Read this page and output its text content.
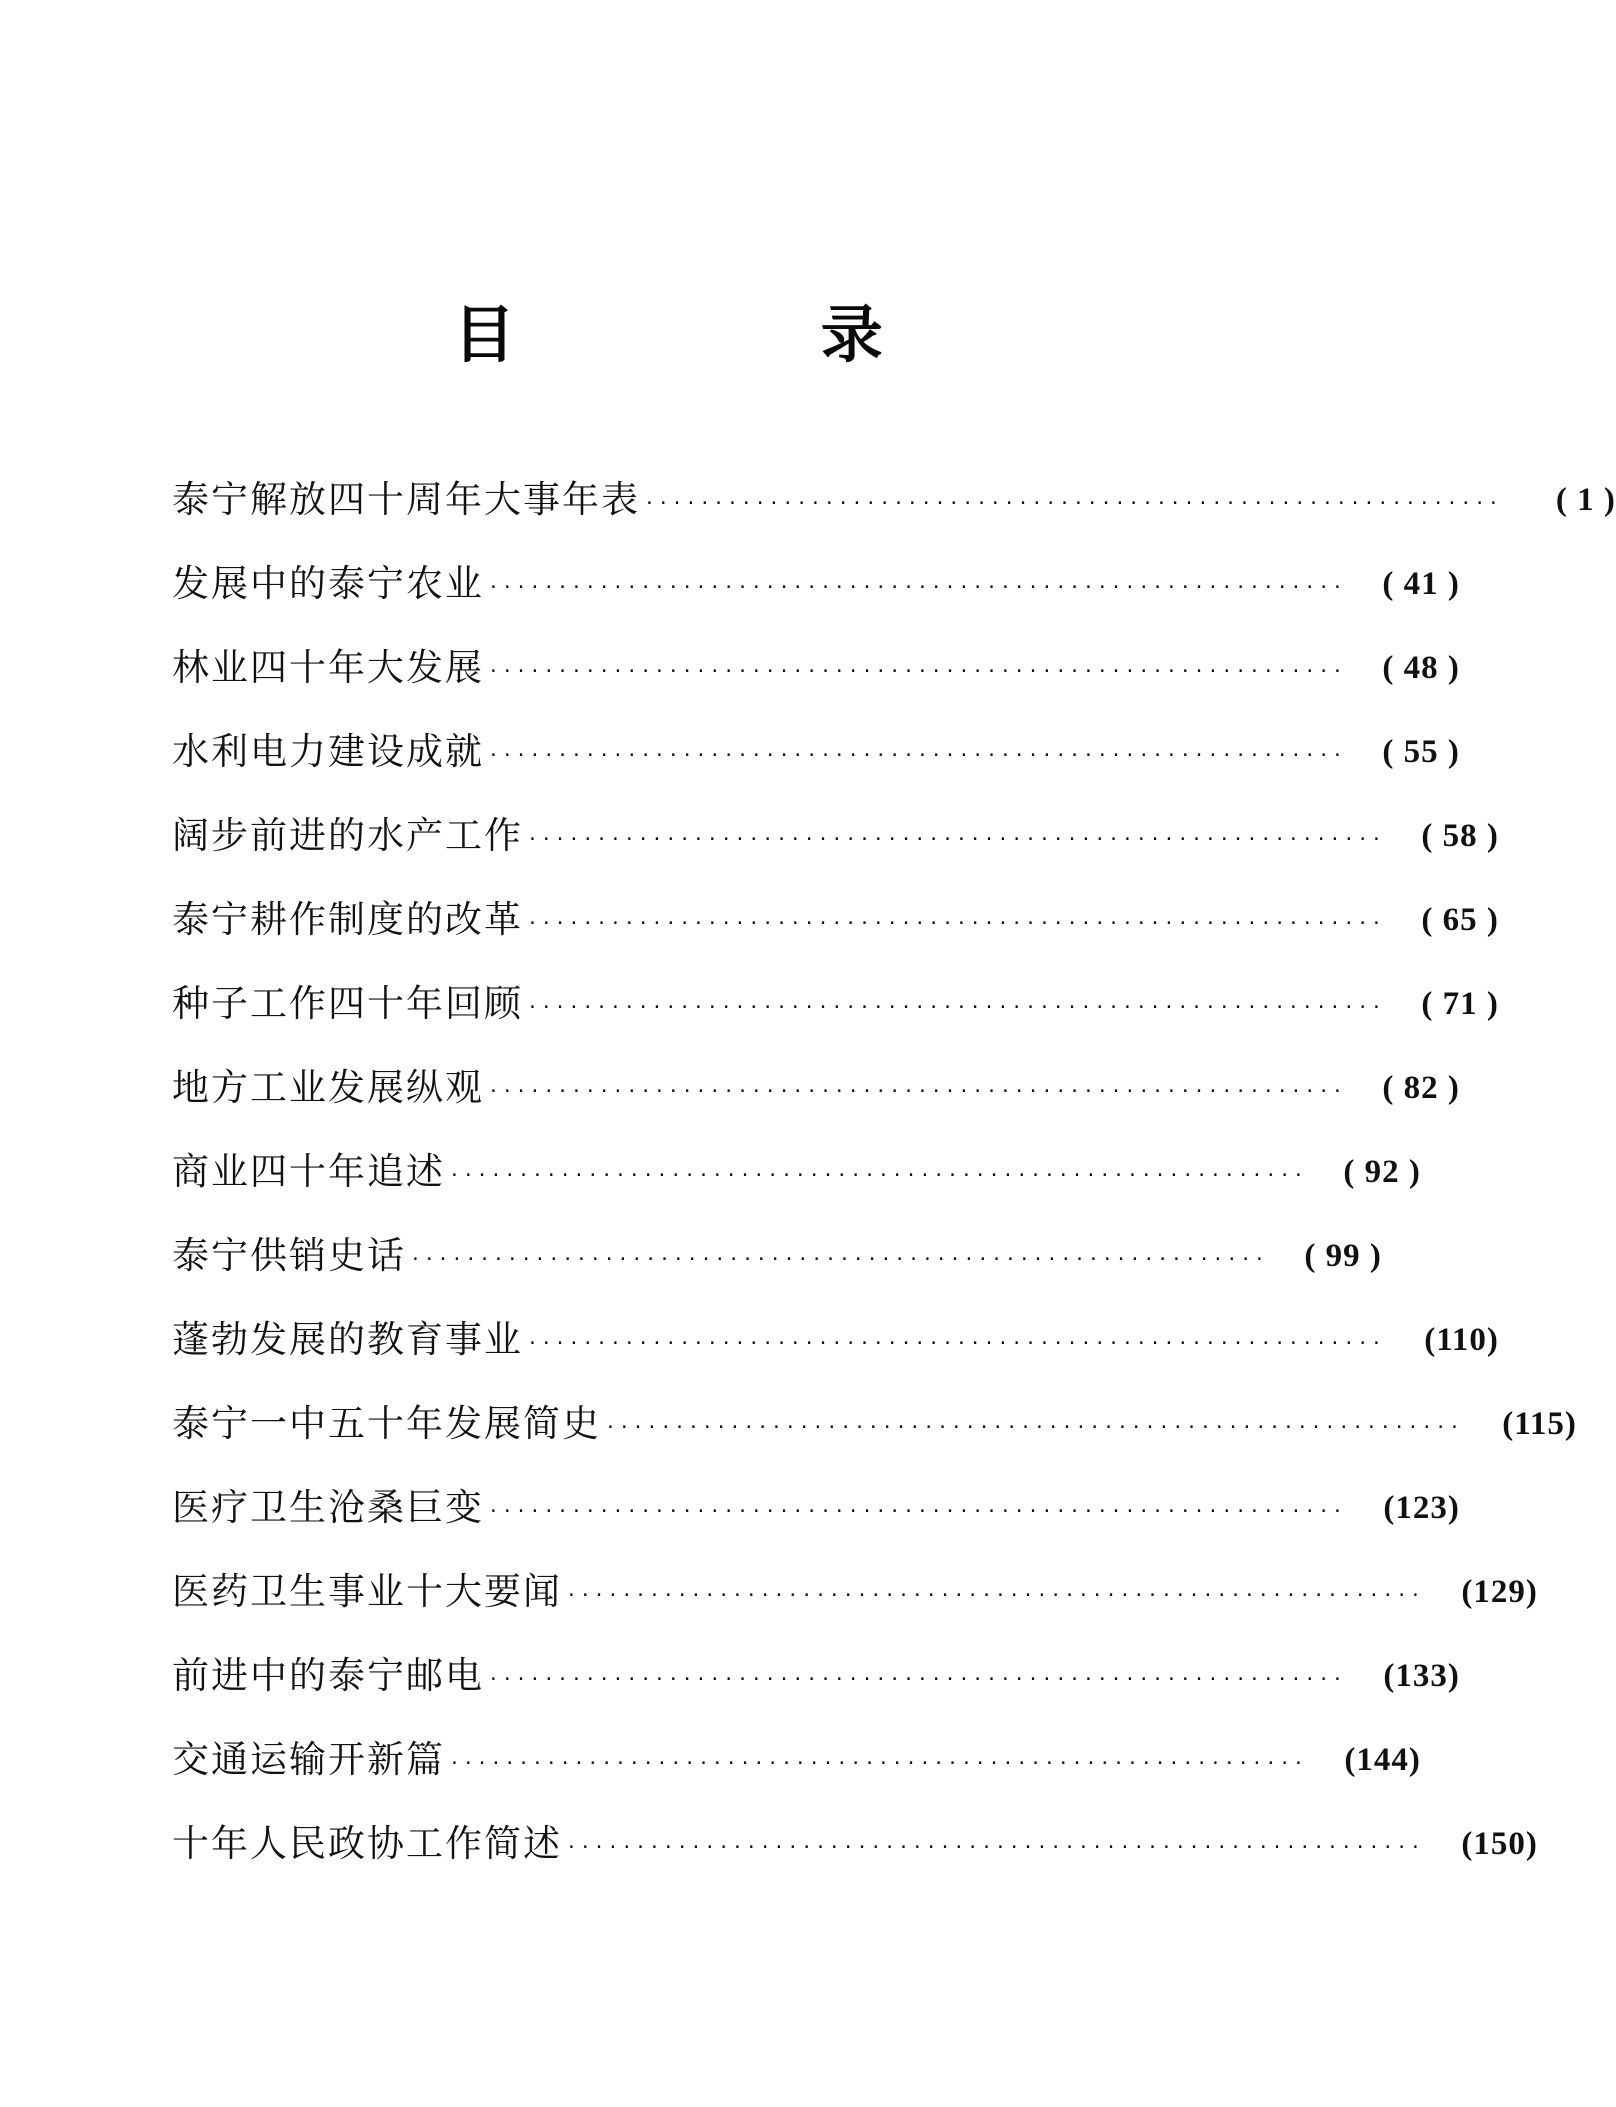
目 录
泰宁解放四十周年大事年表 ······························································	( 1 )
发展中的泰宁农业 ······························································	( 41 )
林业四十年大发展 ······························································	( 48 )
水利电力建设成就 ······························································	( 55 )
阔步前进的水产工作 ······························································	( 58 )
泰宁耕作制度的改革 ······························································	( 65 )
种子工作四十年回顾 ······························································	( 71 )
地方工业发展纵观 ······························································	( 82 )
商业四十年追述 ······························································	( 92 )
泰宁供销史话 ······························································	( 99 )
蓬勃发展的教育事业 ······························································	(110)
泰宁一中五十年发展简史 ······························································	(115)
医疗卫生沧桑巨变 ······························································	(123)
医药卫生事业十大要闻 ······························································	(129)
前进中的泰宁邮电 ······························································	(133)
交通运输开新篇 ······························································	(144)
十年人民政协工作简述 ······························································	(150)
